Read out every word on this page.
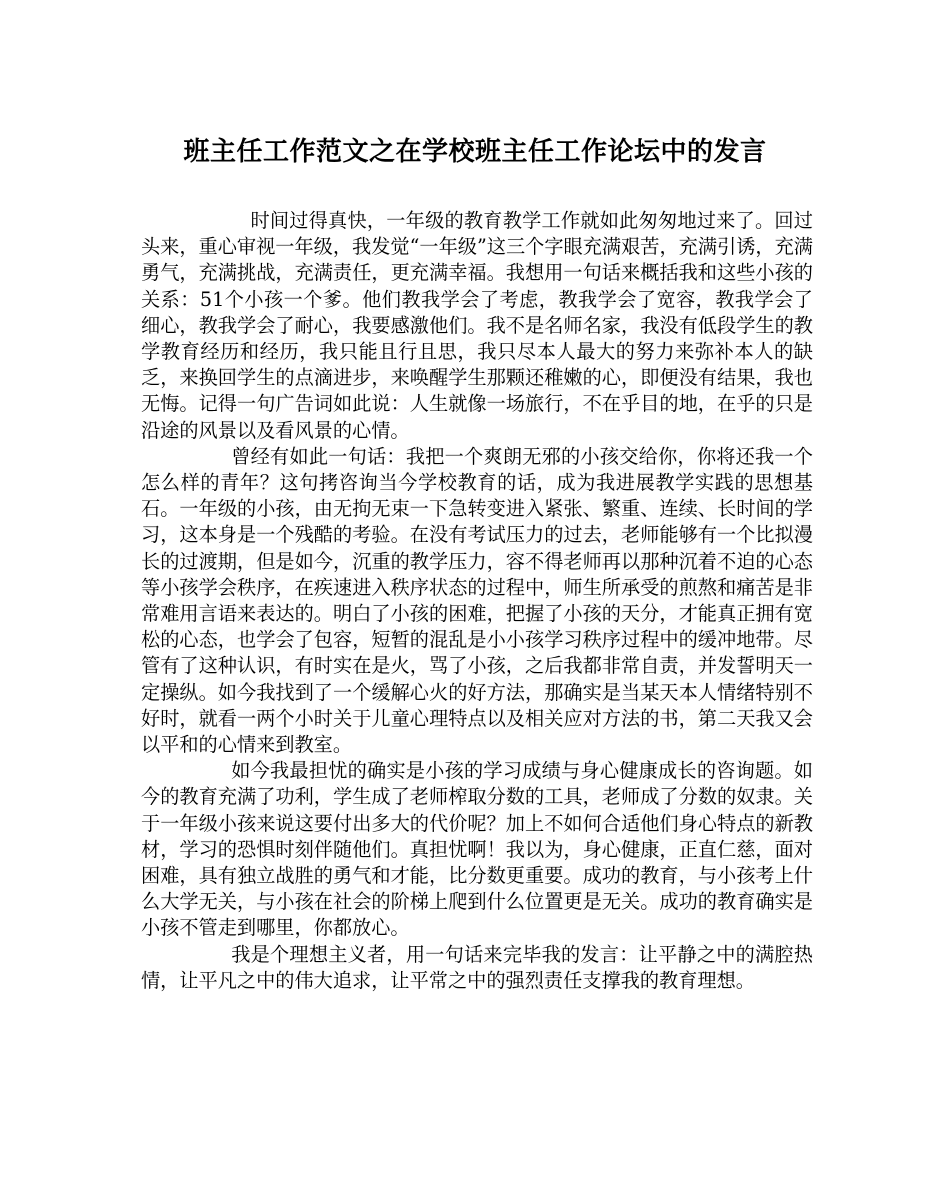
班主任工作范文之在学校班主任工作论坛中的发言

时间过得真快，一年级的教育教学工作就如此匆匆地过来了。回过头来，重心审视一年级，我发觉“一年级”这三个字眼充满艰苦，充满引诱，充满勇气，充满挑战，充满责任，更充满幸福。我想用一句话来概括我和这些小孩的关系：51个小孩一个爹。他们教我学会了考虑，教我学会了宽容，教我学会了细心，教我学会了耐心，我要感激他们。我不是名师名家，我没有低段学生的教学教育经历和经历，我只能且行且思，我只尽本人最大的努力来弥补本人的缺乏，来换回学生的点滴进步，来唤醒学生那颗还稚嫩的心，即便没有结果，我也无悔。记得一句广告词如此说：人生就像一场旅行，不在乎目的地，在乎的只是沿途的风景以及看风景的心情。

曾经有如此一句话：我把一个爽朗无邪的小孩交给你，你将还我一个怎么样的青年？这句拷咨询当今学校教育的话，成为我进展教学实践的思想基石。一年级的小孩，由无拘无束一下急转变进入紧张、繁重、连续、长时间的学习，这本身是一个残酷的考验。在没有考试压力的过去，老师能够有一个比拟漫长的过渡期，但是如今，沉重的教学压力，容不得老师再以那种沉着不迫的心态等小孩学会秩序，在疾速进入秩序状态的过程中，师生所承受的煎熬和痛苦是非常难用言语来表达的。明白了小孩的困难，把握了小孩的天分，才能真正拥有宽松的心态，也学会了包容，短暂的混乱是小小孩学习秩序过程中的缓冲地带。尽管有了这种认识，有时实在是火，骂了小孩，之后我都非常自责，并发誓明天一定操纵。如今我找到了一个缓解心火的好方法，那确实是当某天本人情绪特别不好时，就看一两个小时关于儿童心理特点以及相关应对方法的书，第二天我又会以平和的心情来到教室。

如今我最担忧的确实是小孩的学习成绩与身心健康成长的咨询题。如今的教育充满了功利，学生成了老师榨取分数的工具，老师成了分数的奴隶。关于一年级小孩来说这要付出多大的代价呢？加上不如何合适他们身心特点的新教材，学习的恐惧时刻伴随他们。真担忧啊！我以为，身心健康，正直仁慈，面对困难，具有独立战胜的勇气和才能，比分数更重要。成功的教育，与小孩考上什么大学无关，与小孩在社会的阶梯上爬到什么位置更是无关。成功的教育确实是小孩不管走到哪里，你都放心。

我是个理想主义者，用一句话来完毕我的发言：让平静之中的满腔热情，让平凡之中的伟大追求，让平常之中的强烈责任支撑我的教育理想。
